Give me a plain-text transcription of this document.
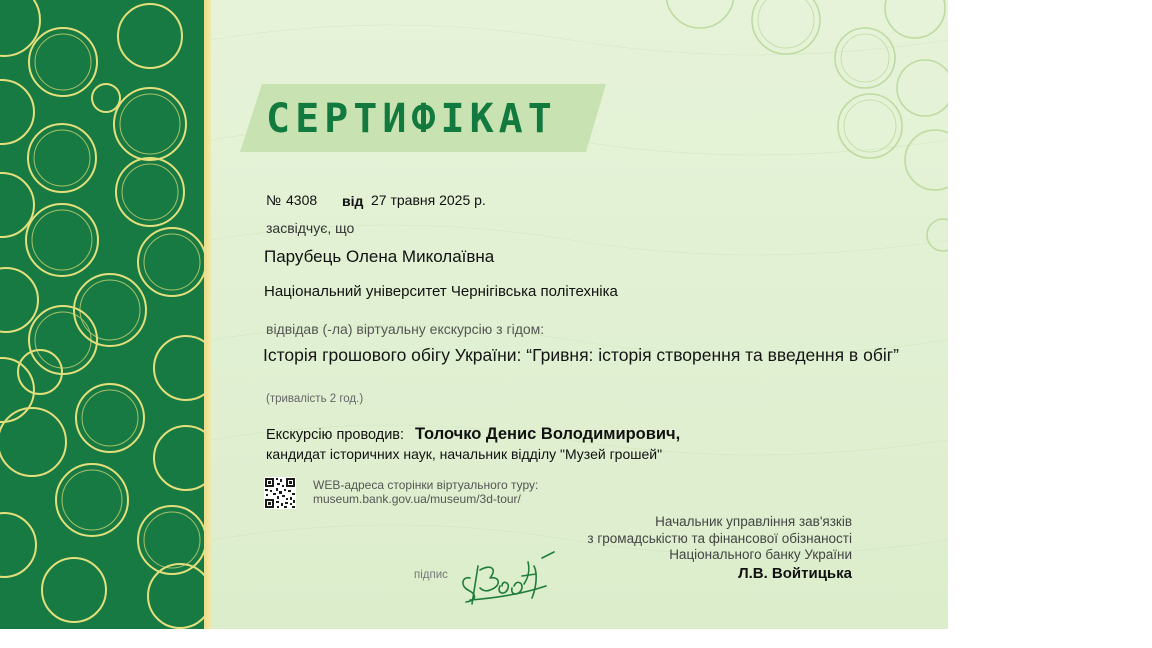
СЕРТИФІКАТ
№ 4308 від 27 травня 2025 р.
засвідчує, що
Парубець Олена Миколаївна
Національний університет Чернігівська політехніка
відвідав (-ла) віртуальну екскурсію з гідом:
Історія грошового обігу України: “Гривня: історія створення та введення в обіг”
(тривалість 2 год.)
Екскурсію проводив: Толочко Денис Володимирович,
кандидат історичних наук, начальник відділу "Музей грошей"
WEB-адреса сторінки віртуального туру:
museum.bank.gov.ua/museum/3d-tour/
Начальник управління зав'язків
з громадськістю та фінансової обізнаності
Національного банку України
Л.В. Войтицька
підпис
